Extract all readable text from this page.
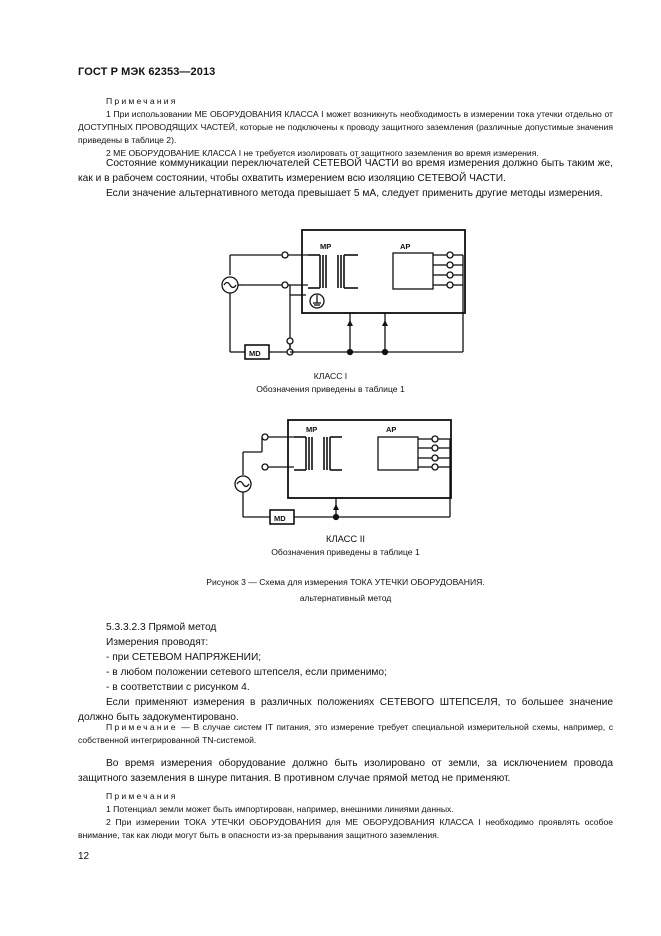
ГОСТ Р МЭК 62353—2013

Примечания

1 При использовании МЕ ОБОРУДОВАНИЯ КЛАССА I может возникнуть необходимость в измерении тока утечки отдельно от ДОСТУПНЫХ ПРОВОДЯЩИХ ЧАСТЕЙ, которые не подключены к проводу защитного заземления (различные допустимые значения приведены в таблице 2).

2 МЕ ОБОРУДОВАНИЕ КЛАССА I не требуется изолировать от защитного заземления во время измерения.

Состояние коммуникации переключателей СЕТЕВОЙ ЧАСТИ во время измерения должно быть таким же, как и в рабочем состоянии, чтобы охватить измерением всю изоляцию СЕТЕВОЙ ЧАСТИ.

Если значение альтернативного метода превышает 5 мА, следует применить другие методы измерения.

МР	АР
MD
КЛАСС I
Обозначения приведены в таблице 1
МР	АР
MD
КЛАСС II
Обозначения приведены в таблице 1
Рисунок 3 — Схема для измерения ТОКА УТЕЧКИ ОБОРУДОВАНИЯ.
альтернативный метод

5.3.3.2.3 Прямой метод

Измерения проводят:

- при СЕТЕВОМ НАПРЯЖЕНИИ;

- в любом положении сетевого штепселя, если применимо;

- в соответствии с рисунком 4.

Если применяют измерения в различных положениях СЕТЕВОГО ШТЕПСЕЛЯ, то большее значение должно быть задокументировано.

Примечание — В случае систем IT питания, это измерение требует специальной измерительной схемы, например, с собственной интегрированной TN-системой.

Во время измерения оборудование должно быть изолировано от земли, за исключением провода защитного заземления в шнуре питания. В противном случае прямой метод не применяют.

Примечания

1 Потенциал земли может быть импортирован, например, внешними линиями данных.

2 При измерении ТОКА УТЕЧКИ ОБОРУДОВАНИЯ для МЕ ОБОРУДОВАНИЯ КЛАССА I необходимо проявлять особое внимание, так как люди могут быть в опасности из-за прерывания защитного заземления.

12
